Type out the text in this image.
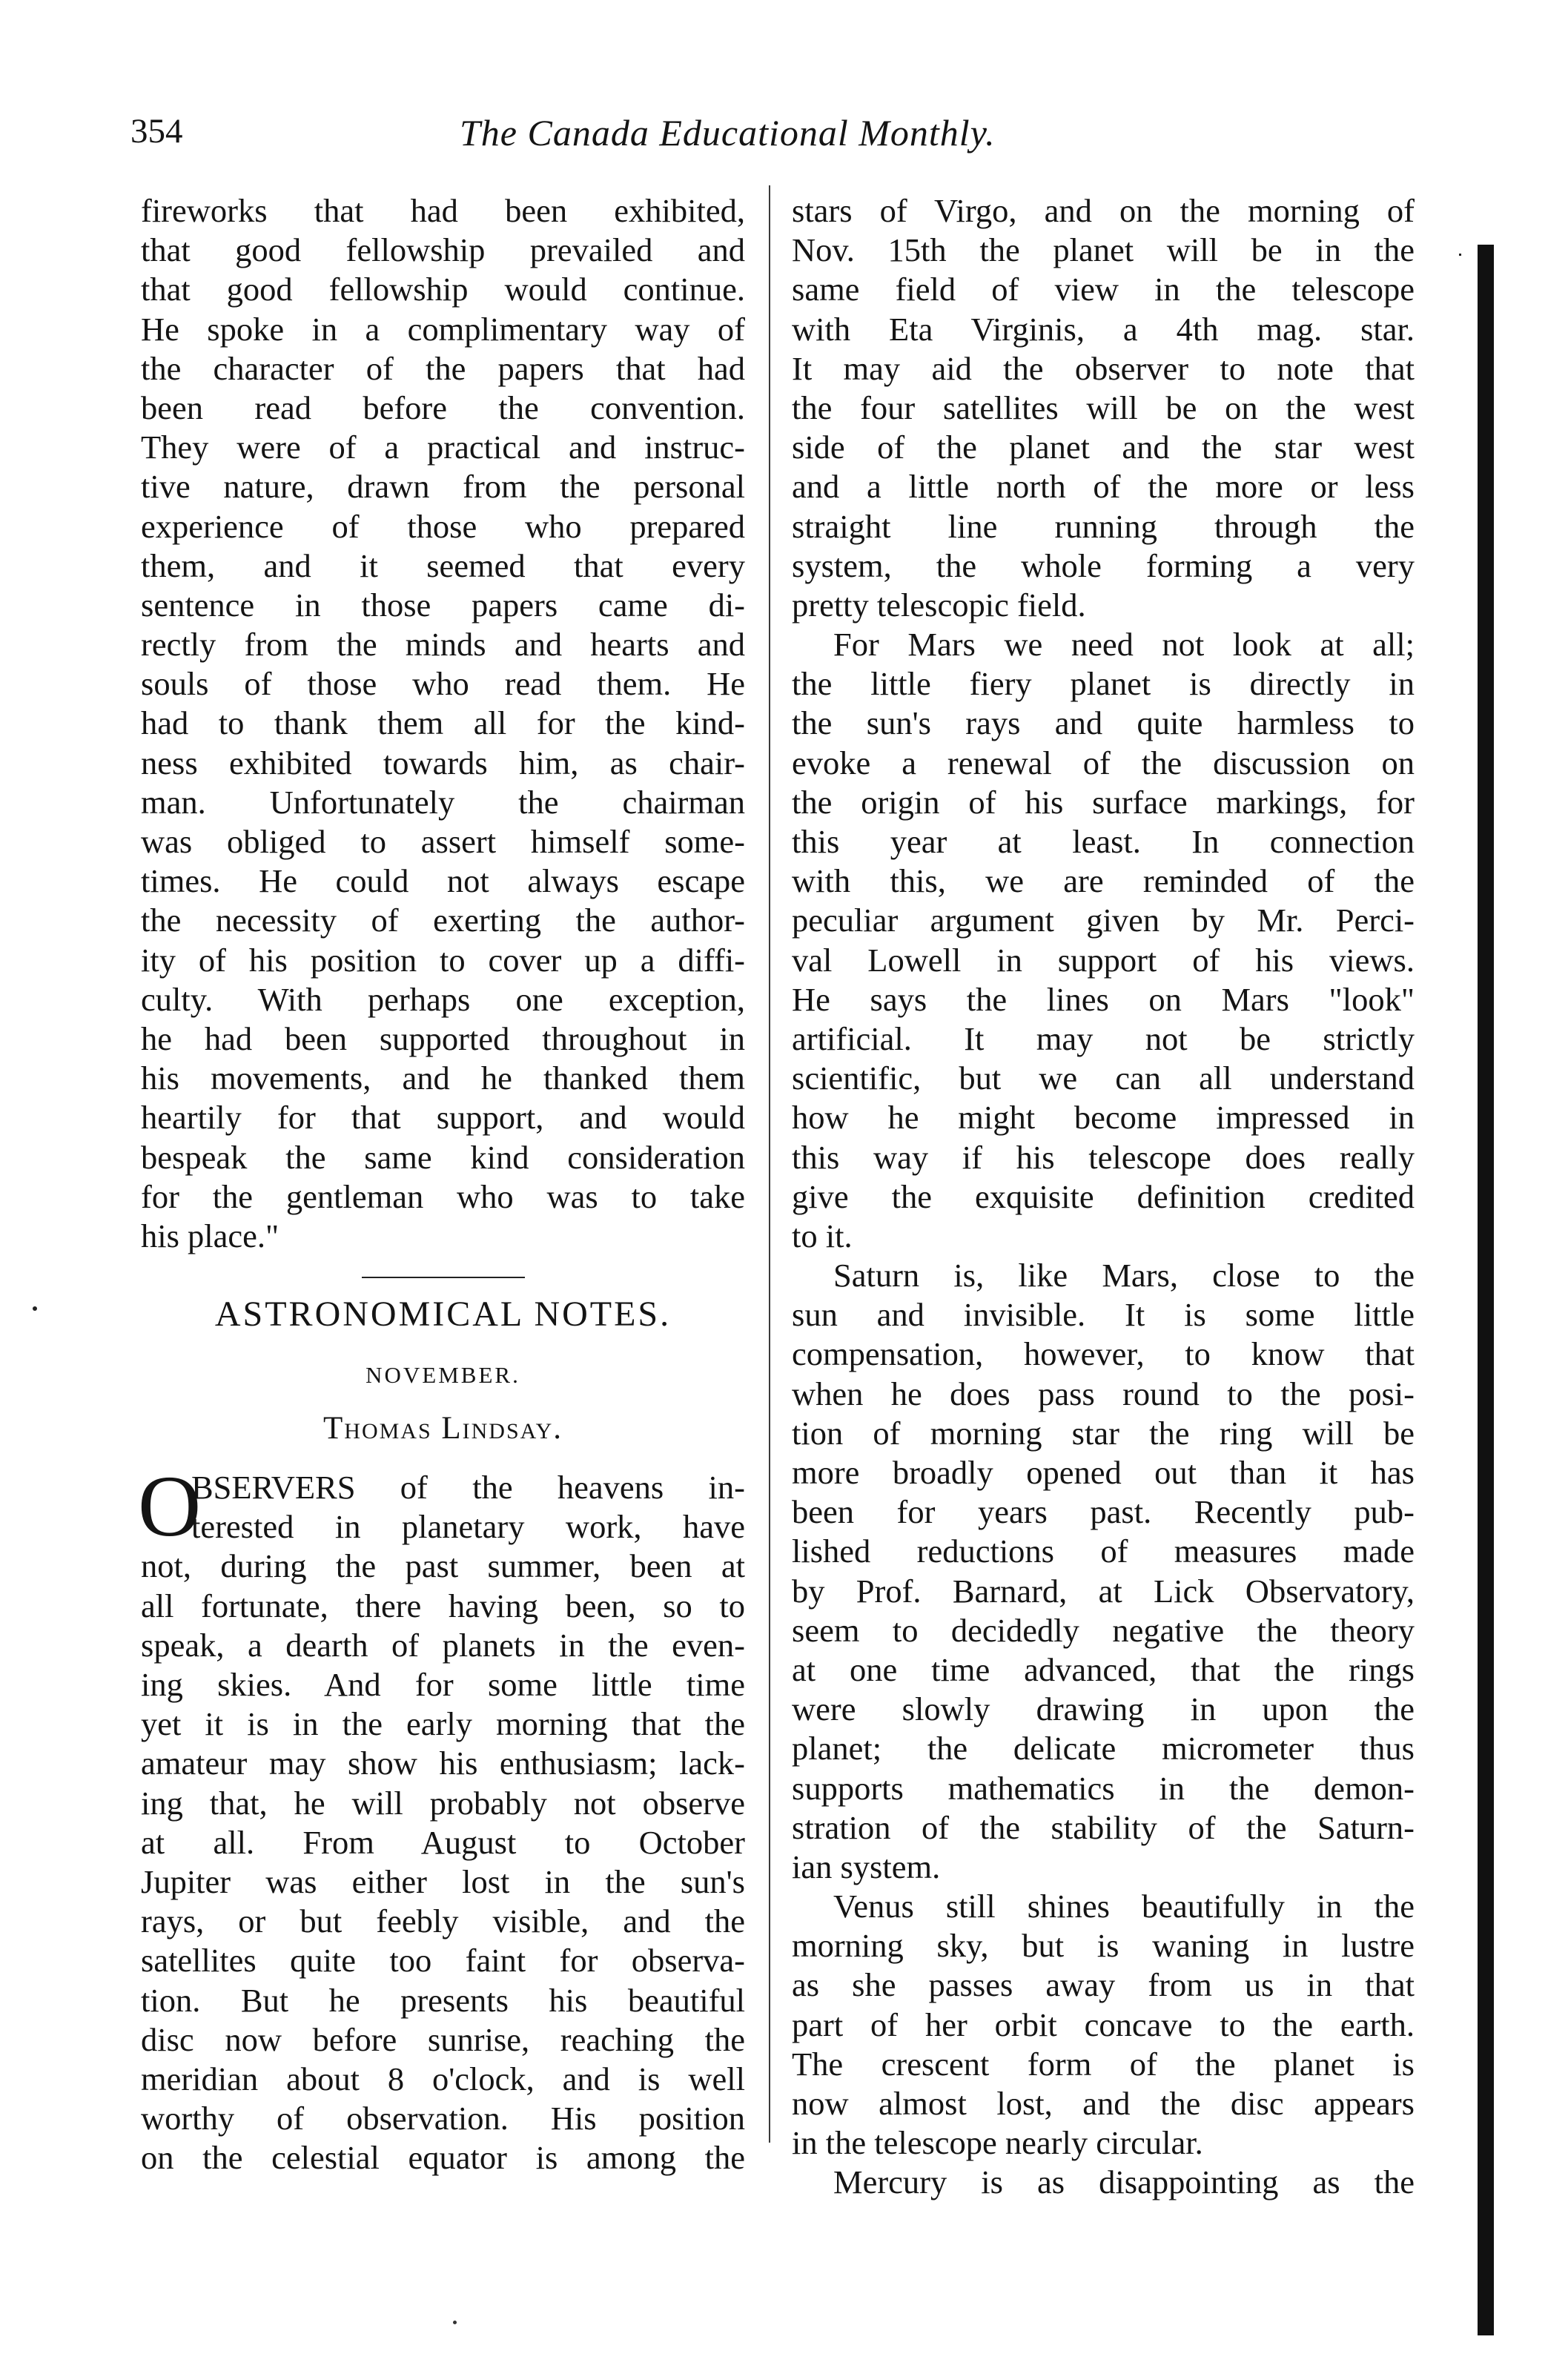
354	The Canada Educational Monthly.
fireworks that had been exhibited,
that good fellowship prevailed and
that good fellowship would continue.
He spoke in a complimentary way of
the character of the papers that had
been read before the convention.
They were of a practical and instruc-
tive nature, drawn from the personal
experience of those who prepared
them, and it seemed that every
sentence in those papers came di-
rectly from the minds and hearts and
souls of those who read them. He
had to thank them all for the kind-
ness exhibited towards him, as chair-
man. Unfortunately the chairman
was obliged to assert himself some-
times. He could not always escape
the necessity of exerting the author-
ity of his position to cover up a diffi-
culty. With perhaps one exception,
he had been supported throughout in
his movements, and he thanked them
heartily for that support, and would
bespeak the same kind consideration
for the gentleman who was to take
his place."
ASTRONOMICAL NOTES.
NOVEMBER.
Thomas Lindsay.
O
BSERVERS of the heavens in-
terested in planetary work, have
not, during the past summer, been at
all fortunate, there having been, so to
speak, a dearth of planets in the even-
ing skies. And for some little time
yet it is in the early morning that the
amateur may show his enthusiasm; lack-
ing that, he will probably not observe
at all. From August to October
Jupiter was either lost in the sun's
rays, or but feebly visible, and the
satellites quite too faint for observa-
tion. But he presents his beautiful
disc now before sunrise, reaching the
meridian about 8 o'clock, and is well
worthy of observation. His position
on the celestial equator is among the
stars of Virgo, and on the morning of
Nov. 15th the planet will be in the
same field of view in the telescope
with Eta Virginis, a 4th mag. star.
It may aid the observer to note that
the four satellites will be on the west
side of the planet and the star west
and a little north of the more or less
straight line running through the
system, the whole forming a very
pretty telescopic field.
For Mars we need not look at all;
the little fiery planet is directly in
the sun's rays and quite harmless to
evoke a renewal of the discussion on
the origin of his surface markings, for
this year at least. In connection
with this, we are reminded of the
peculiar argument given by Mr. Perci-
val Lowell in support of his views.
He says the lines on Mars "look"
artificial. It may not be strictly
scientific, but we can all understand
how he might become impressed in
this way if his telescope does really
give the exquisite definition credited
to it.
Saturn is, like Mars, close to the
sun and invisible. It is some little
compensation, however, to know that
when he does pass round to the posi-
tion of morning star the ring will be
more broadly opened out than it has
been for years past. Recently pub-
lished reductions of measures made
by Prof. Barnard, at Lick Observatory,
seem to decidedly negative the theory
at one time advanced, that the rings
were slowly drawing in upon the
planet; the delicate micrometer thus
supports mathematics in the demon-
stration of the stability of the Saturn-
ian system.
Venus still shines beautifully in the
morning sky, but is waning in lustre
as she passes away from us in that
part of her orbit concave to the earth.
The crescent form of the planet is
now almost lost, and the disc appears
in the telescope nearly circular.
Mercury is as disappointing as the
